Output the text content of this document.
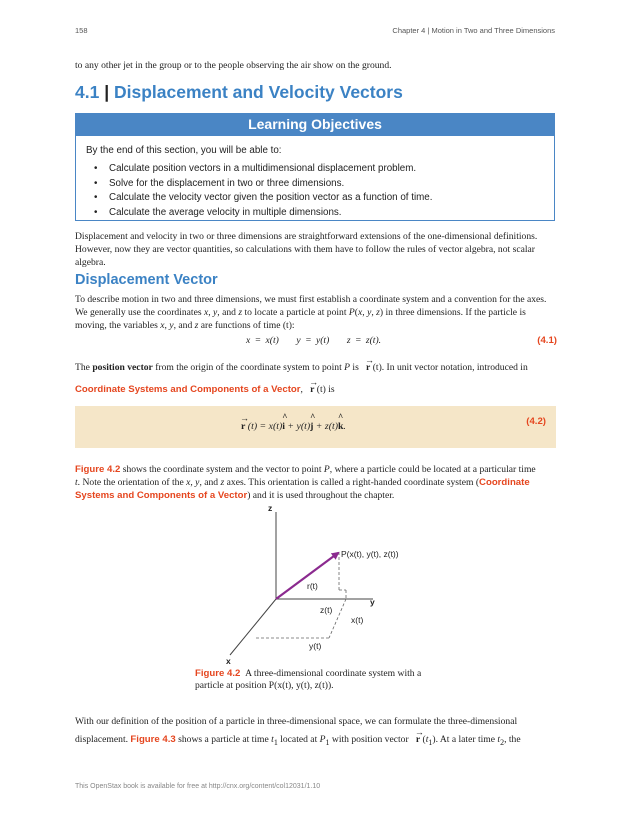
158	Chapter 4 | Motion in Two and Three Dimensions
to any other jet in the group or to the people observing the air show on the ground.
4.1 | Displacement and Velocity Vectors
Learning Objectives
By the end of this section, you will be able to:
• Calculate position vectors in a multidimensional displacement problem.
• Solve for the displacement in two or three dimensions.
• Calculate the velocity vector given the position vector as a function of time.
• Calculate the average velocity in multiple dimensions.
Displacement and velocity in two or three dimensions are straightforward extensions of the one-dimensional definitions.
However, now they are vector quantities, so calculations with them have to follow the rules of vector algebra, not scalar
algebra.
Displacement Vector
To describe motion in two and three dimensions, we must first establish a coordinate system and a convention for the axes.
We generally use the coordinates x, y, and z to locate a particle at point P(x, y, z) in three dimensions. If the particle is
moving, the variables x, y, and z are functions of time (t):
x = x(t)    y = y(t)    z = z(t).	(4.1)
The position vector from the origin of the coordinate system to point P is   → r (t). In unit vector notation, introduced in
Coordinate Systems and Components of a Vector,   → r (t) is
→ r (t) = x(t)^ i + y(t)^ j + z(t)^ k.	(4.2)
Figure 4.2 shows the coordinate system and the vector to point P, where a particle could be located at a particular time
t. Note the orientation of the x, y, and z axes. This orientation is called a right-handed coordinate system (Coordinate
Systems and Components of a Vector) and it is used throughout the chapter.
z
y
x
P(x(t), y(t), z(t))
r(t)
z(t)
x(t)
y(t)
Figure 4.2 A three-dimensional coordinate system with a
particle at position P(x(t), y(t), z(t)).
With our definition of the position of a particle in three-dimensional space, we can formulate the three-dimensional
displacement. Figure 4.3 shows a particle at time $t_1$ located at $P_1$ with position vector   → r $(t_1)$. At a later time $t_2$, the
This OpenStax book is available for free at http://cnx.org/content/col12031/1.10
